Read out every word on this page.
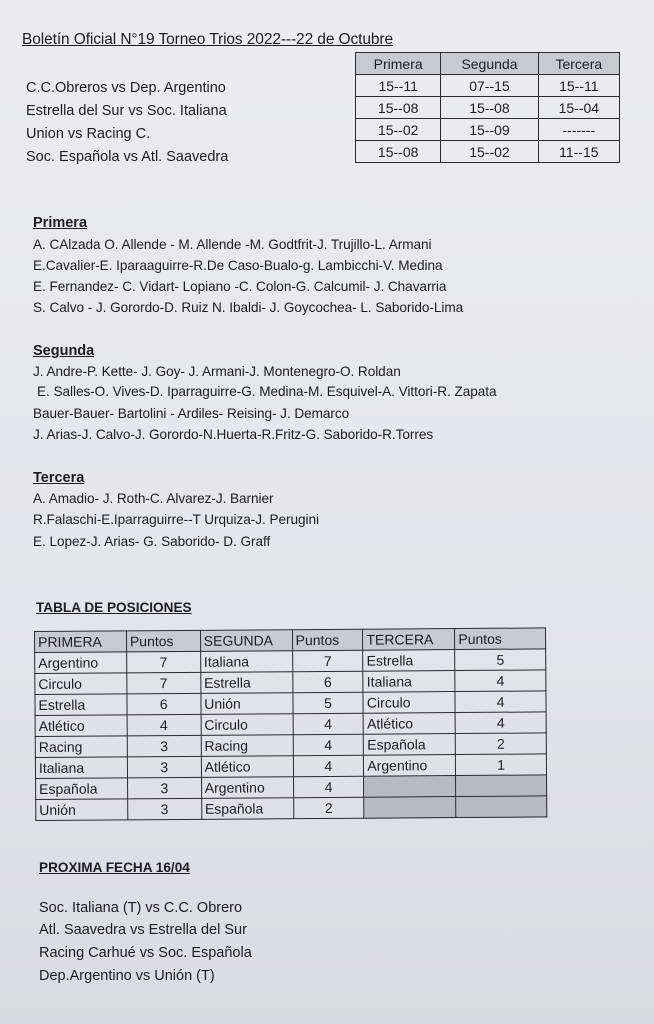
Boletín Oficial N°19 Torneo Trios 2022---22 de Octubre
C.C.Obreros vs Dep. Argentino
Estrella del Sur vs Soc. Italiana
Union vs Racing C.
Soc. Española vs Atl. Saavedra
Primera	Segunda	Tercera
15--11	07--15	15--11
15--08	15--08	15--04
15--02	15--09	-------
15--08	15--02	11--15
Primera
A. CAlzada O. Allende - M. Allende -M. Godtfrit-J. Trujillo-L. Armani
E.Cavalier-E. Iparaaguirre-R.De Caso-Bualo-g. Lambicchi-V. Medina
E. Fernandez- C. Vidart- Lopiano -C. Colon-G. Calcumil- J. Chavarria
S. Calvo - J. Gorordo-D. Ruiz N. Ibaldi- J. Goycochea- L. Saborido-Lima
Segunda
J. Andre-P. Kette- J. Goy- J. Armani-J. Montenegro-O. Roldan
E. Salles-O. Vives-D. Iparraguirre-G. Medina-M. Esquivel-A. Vittori-R. Zapata
Bauer-Bauer- Bartolini - Ardiles- Reising- J. Demarco
J. Arias-J. Calvo-J. Gorordo-N.Huerta-R.Fritz-G. Saborido-R.Torres
Tercera
A. Amadio- J. Roth-C. Alvarez-J. Barnier
R.Falaschi-E.Iparraguirre--T Urquiza-J. Perugini
E. Lopez-J. Arias- G. Saborido- D. Graff
TABLA DE POSICIONES
PRIMERA	Puntos	SEGUNDA	Puntos	TERCERA	Puntos
Argentino	7	Italiana	7	Estrella	5
Circulo	7	Estrella	6	Italiana	4
Estrella	6	Unión	5	Circulo	4
Atlético	4	Circulo	4	Atlético	4
Racing	3	Racing	4	Española	2
Italiana	3	Atlético	4	Argentino	1
Española	3	Argentino	4		
Unión	3	Española	2		
PROXIMA FECHA 16/04
Soc. Italiana (T) vs C.C. Obrero
Atl. Saavedra vs Estrella del Sur
Racing Carhué vs Soc. Española
Dep.Argentino vs Unión (T)
